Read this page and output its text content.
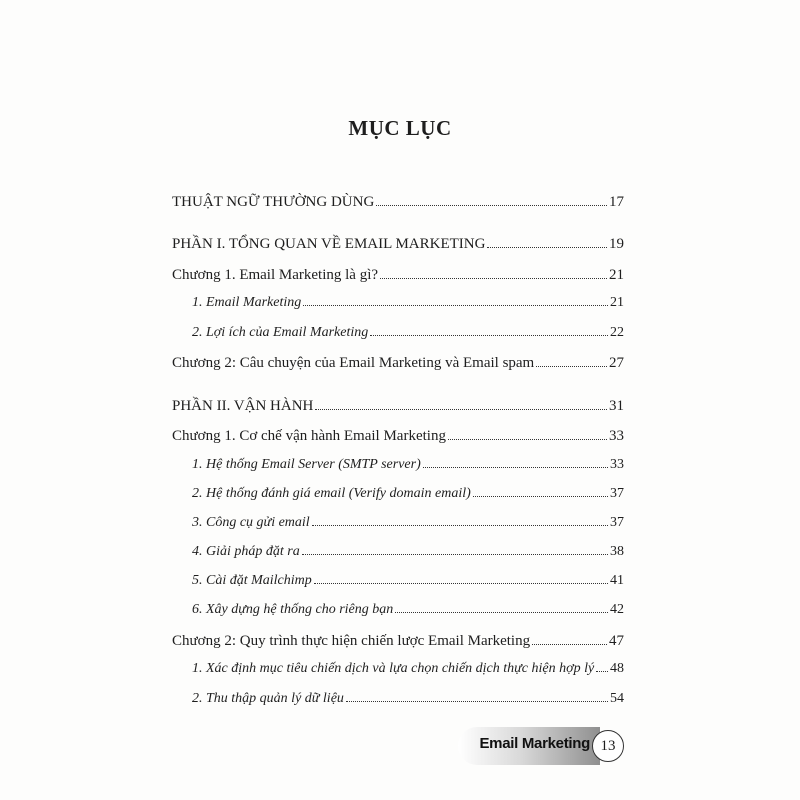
MỤC LỤC
THUẬT NGỮ THƯỜNG DÙNG	17
PHẦN I. TỔNG QUAN VỀ EMAIL MARKETING	19
Chương 1. Email Marketing là gì?	21
1. Email Marketing	21
2. Lợi ích của Email Marketing	22
Chương 2: Câu chuyện của Email Marketing và Email spam	27
PHẦN II. VẬN HÀNH	31
Chương 1. Cơ chế vận hành Email Marketing	33
1. Hệ thống Email Server (SMTP server)	33
2. Hệ thống đánh giá email (Verify domain email)	37
3. Công cụ gửi email	37
4. Giải pháp đặt ra	38
5. Cài đặt Mailchimp	41
6. Xây dựng hệ thống cho riêng bạn	42
Chương 2: Quy trình thực hiện chiến lược Email Marketing	47
1. Xác định mục tiêu chiến dịch và lựa chọn chiến dịch thực hiện hợp lý 48
2. Thu thập quản lý dữ liệu	54
Email Marketing 13
